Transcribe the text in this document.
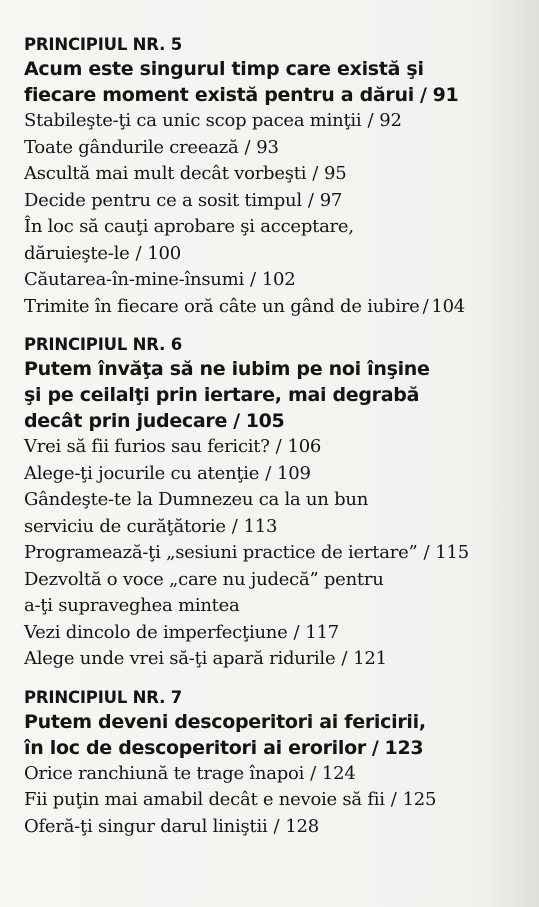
PRINCIPIUL NR. 5
Acum este singurul timp care există şi
fiecare moment există pentru a dărui / 91
Stabileşte-ţi ca unic scop pacea minţii / 92
Toate gândurile creează / 93
Ascultă mai mult decât vorbeşti / 95
Decide pentru ce a sosit timpul / 97
În loc să cauţi aprobare şi acceptare,
dăruieşte-le / 100
Căutarea-în-mine-însumi / 102
Trimite în fiecare oră câte un gând de iubire / 104
PRINCIPIUL NR. 6
Putem învăţa să ne iubim pe noi înşine
şi pe ceilalţi prin iertare, mai degrabă
decât prin judecare / 105
Vrei să fii furios sau fericit? / 106
Alege-ţi jocurile cu atenţie / 109
Gândeşte-te la Dumnezeu ca la un bun
serviciu de curăţătorie / 113
Programează-ţi „sesiuni practice de iertare” / 115
Dezvoltă o voce „care nu judecă” pentru
a-ţi supraveghea mintea
Vezi dincolo de imperfecţiune / 117
Alege unde vrei să-ţi apară ridurile / 121
PRINCIPIUL NR. 7
Putem deveni descoperitori ai fericirii,
în loc de descoperitori ai erorilor / 123
Orice ranchiună te trage înapoi / 124
Fii puţin mai amabil decât e nevoie să fii / 125
Oferă-ţi singur darul liniştii / 128
